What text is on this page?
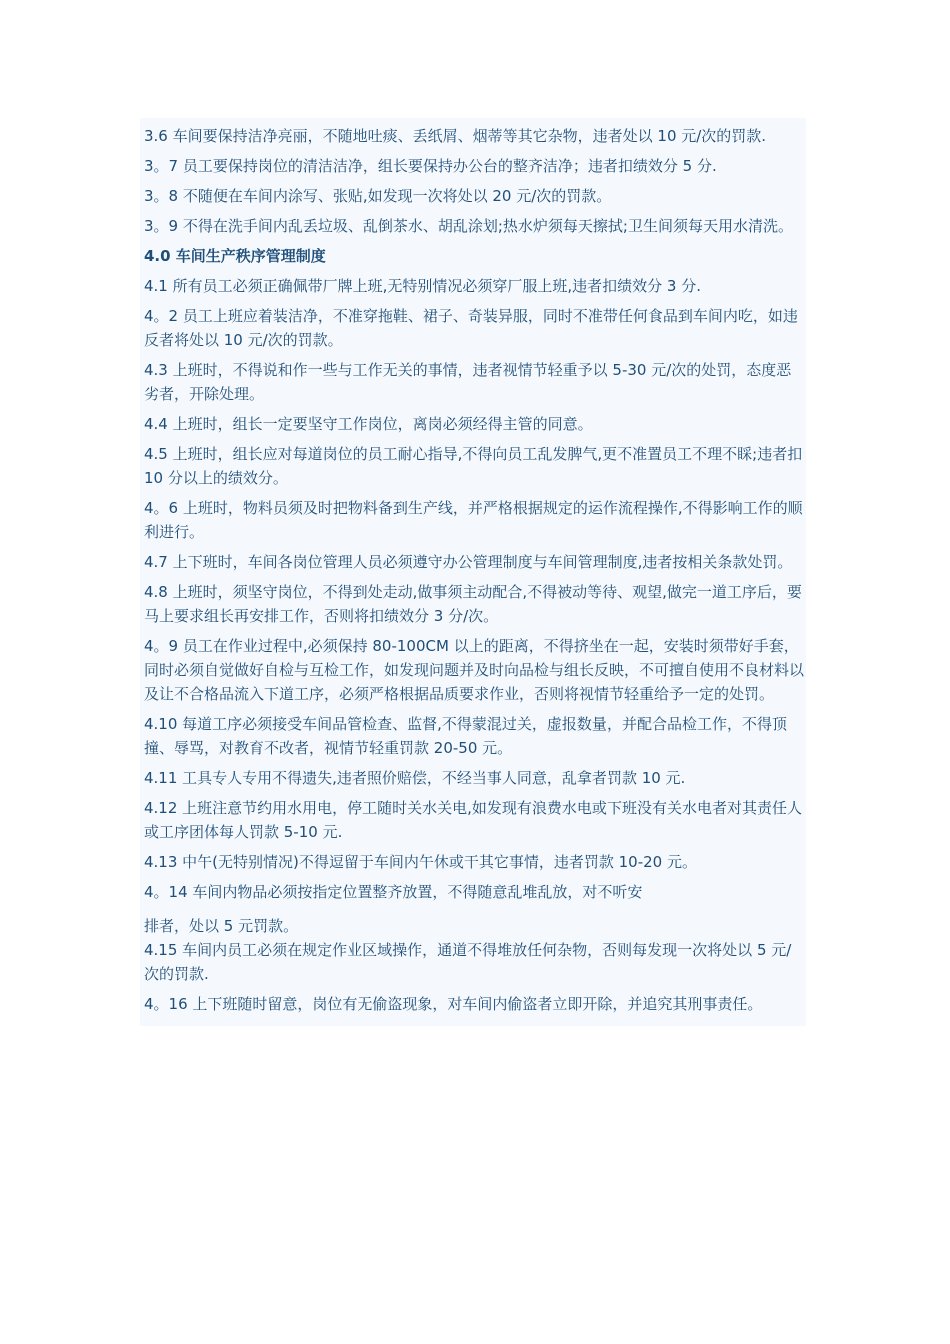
3.6 车间要保持洁净亮丽，不随地吐痰、丢纸屑、烟蒂等其它杂物，违者处以 10 元/次的罚款.

3。7 员工要保持岗位的清洁洁净，组长要保持办公台的整齐洁净；违者扣绩效分 5 分.

3。8 不随便在车间内涂写、张贴,如发现一次将处以 20 元/次的罚款。

3。9 不得在洗手间内乱丢垃圾、乱倒茶水、胡乱涂划;热水炉须每天擦拭;卫生间须每天用水清洗。

4.0 车间生产秩序管理制度

4.1 所有员工必须正确佩带厂牌上班,无特别情况必须穿厂服上班,违者扣绩效分 3 分.

4。2 员工上班应着装洁净，不准穿拖鞋、裙子、奇装异服，同时不准带任何食品到车间内吃，如违反者将处以 10 元/次的罚款。

4.3 上班时，不得说和作一些与工作无关的事情，违者视情节轻重予以 5-30 元/次的处罚，态度恶劣者，开除处理。

4.4 上班时，组长一定要坚守工作岗位，离岗必须经得主管的同意。

4.5 上班时，组长应对每道岗位的员工耐心指导,不得向员工乱发脾气,更不准置员工不理不睬;违者扣 10 分以上的绩效分。

4。6 上班时，物料员须及时把物料备到生产线，并严格根据规定的运作流程操作,不得影响工作的顺利进行。

4.7 上下班时，车间各岗位管理人员必须遵守办公管理制度与车间管理制度,违者按相关条款处罚。

4.8 上班时，须坚守岗位，不得到处走动,做事须主动配合,不得被动等待、观望,做完一道工序后，要马上要求组长再安排工作，否则将扣绩效分 3 分/次。

4。9 员工在作业过程中,必须保持 80-100CM 以上的距离，不得挤坐在一起，安装时须带好手套，同时必须自觉做好自检与互检工作，如发现问题并及时向品检与组长反映，不可擅自使用不良材料以及让不合格品流入下道工序，必须严格根据品质要求作业，否则将视情节轻重给予一定的处罚。

4.10 每道工序必须接受车间品管检查、监督,不得蒙混过关，虚报数量，并配合品检工作，不得顶撞、辱骂，对教育不改者，视情节轻重罚款 20-50 元。

4.11 工具专人专用不得遗失,违者照价赔偿，不经当事人同意，乱拿者罚款 10 元.

4.12 上班注意节约用水用电，停工随时关水关电,如发现有浪费水电或下班没有关水电者对其责任人或工序团体每人罚款 5-10 元.

4.13 中午(无特别情况)不得逗留于车间内午休或干其它事情，违者罚款 10-20 元。

4。14 车间内物品必须按指定位置整齐放置，不得随意乱堆乱放，对不听安

排者，处以 5 元罚款。

4.15 车间内员工必须在规定作业区域操作，通道不得堆放任何杂物，否则每发现一次将处以 5 元/次的罚款.

4。16 上下班随时留意，岗位有无偷盗现象，对车间内偷盗者立即开除，并追究其刑事责任。
